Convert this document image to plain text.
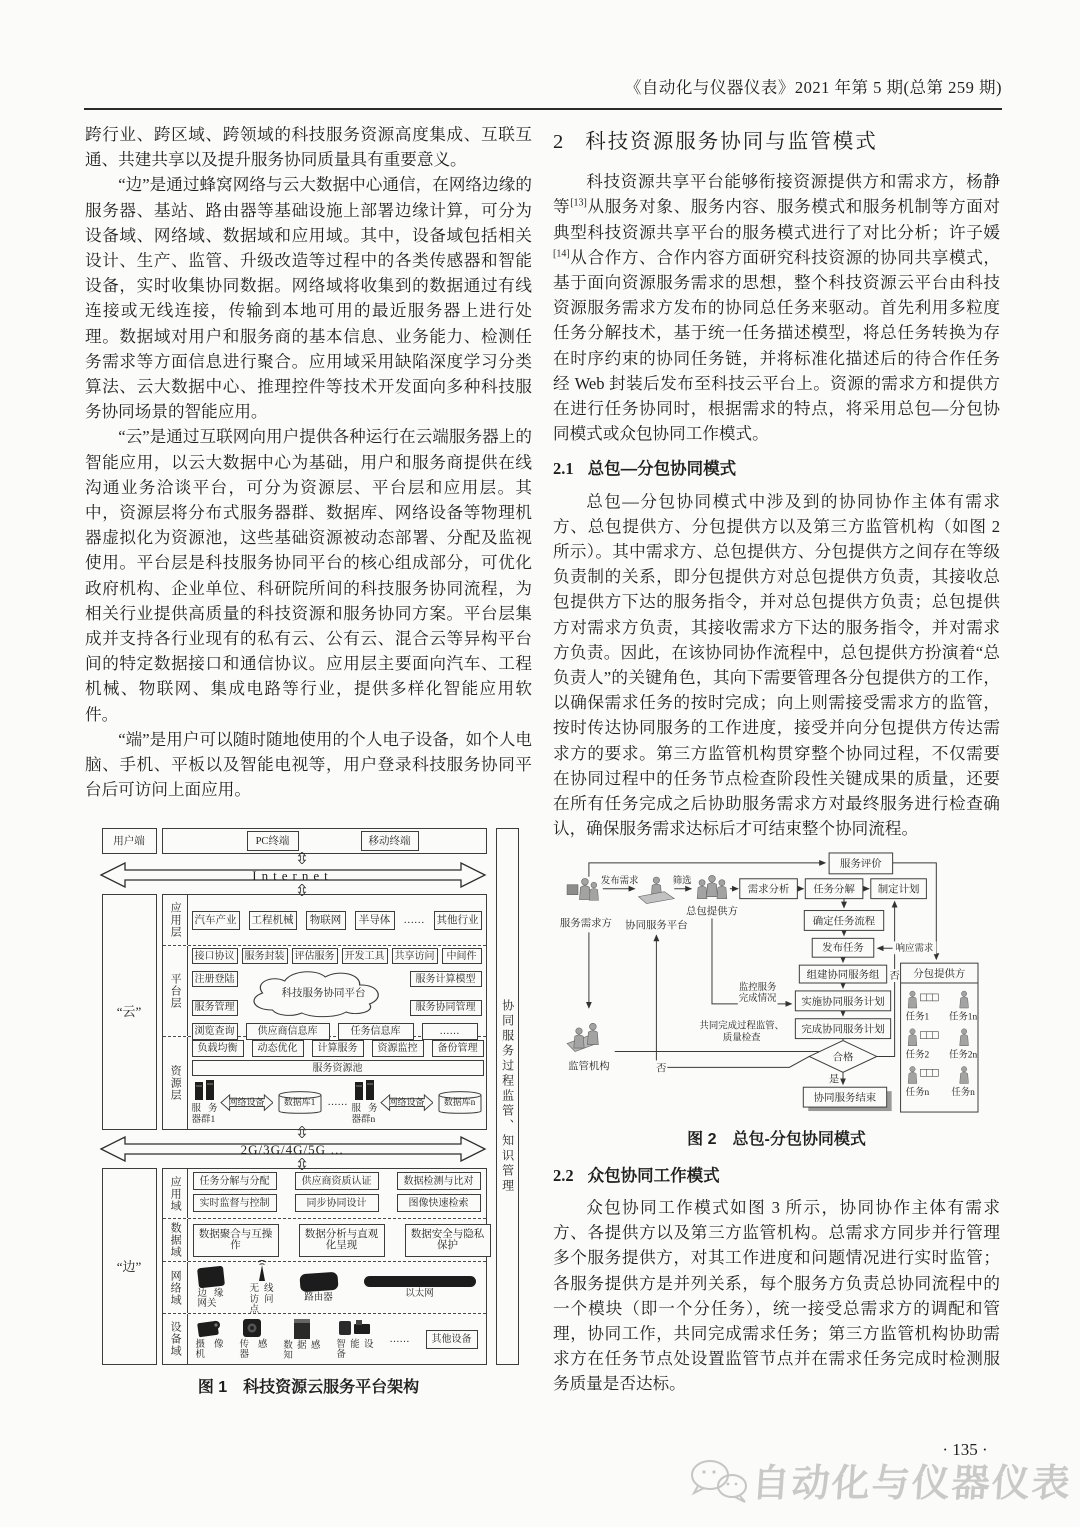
《自动化与仪器仪表》2021 年第 5 期(总第 259 期)

跨行业、跨区域、跨领域的科技服务资源高度集成、互联互通、共建共享以及提升服务协同质量具有重要意义。

“边”是通过蜂窝网络与云大数据中心通信，在网络边缘的服务器、基站、路由器等基础设施上部署边缘计算，可分为设备域、网络域、数据域和应用域。其中，设备域包括相关设计、生产、监管、升级改造等过程中的各类传感器和智能设备，实时收集协同数据。网络域将收集到的数据通过有线连接或无线连接，传输到本地可用的最近服务器上进行处理。数据域对用户和服务商的基本信息、业务能力、检测任务需求等方面信息进行聚合。应用域采用缺陷深度学习分类算法、云大数据中心、推理控件等技术开发面向多种科技服务协同场景的智能应用。

“云”是通过互联网向用户提供各种运行在云端服务器上的智能应用，以云大数据中心为基础，用户和服务商提供在线沟通业务洽谈平台，可分为资源层、平台层和应用层。其中，资源层将分布式服务器群、数据库、网络设备等物理机器虚拟化为资源池，这些基础资源被动态部署、分配及监视使用。平台层是科技服务协同平台的核心组成部分，可优化政府机构、企业单位、科研院所间的科技服务协同流程，为相关行业提供高质量的科技资源和服务协同方案。平台层集成并支持各行业现有的私有云、公有云、混合云等异构平台间的特定数据接口和通信协议。应用层主要面向汽车、工程机械、物联网、集成电路等行业，提供多样化智能应用软件。

“端”是用户可以随时随地使用的个人电子设备，如个人电脑、手机、平板以及智能电视等，用户登录科技服务协同平台后可访问上面应用。

用户端	PC终端	移动终端
Internet
“云”
应用层	汽车产业 工程机械	物联网	半导体	…… 其他行业
平台层
接口协议	服务封装	评估服务	开发工具	共享访问	中间件
注册登陆
服务管理
科技服务协同平台
服务计算模型
服务协同管理
浏览查询	供应商信息库	任务信息库	……
资源层
负载均衡	动态优化	计算服务	资源监控	备份管理
服务资源池
服务器群1
网络设备	数据库1	……
服务器群n
网络设备	数据库n
2G/3G/4G/5G …
“边”
应用域	任务分解与分配	供应商资质认证	数据检测与比对
实时监督与控制	同步协同设计	图像快速检索
数据域	数据聚合与互操作
数据分析与直观化呈现
数据安全与隐私保护
网络域	边缘网关
无线访问点
路由器	以太网
设备域	摄像机
传感器
数据感知
智能设备
……	其他设备
协同服务过程监管、知识管理

图 1 科技资源云服务平台架构

2 科技资源服务协同与监管模式

科技资源共享平台能够衔接资源提供方和需求方，杨静等[13]从服务对象、服务内容、服务模式和服务机制等方面对典型科技资源共享平台的服务模式进行了对比分析；许子媛[14]从合作方、合作内容方面研究科技资源的协同共享模式，基于面向资源服务需求的思想，整个科技资源云平台由科技资源服务需求方发布的协同总任务来驱动。首先利用多粒度任务分解技术，基于统一任务描述模型，将总任务转换为存在时序约束的协同任务链，并将标准化描述后的待合作任务经 Web 封装后发布至科技云平台上。资源的需求方和提供方在进行任务协同时，根据需求的特点，将采用总包—分包协同模式或众包协同工作模式。

2.1 总包—分包协同模式

总包—分包协同模式中涉及到的协同协作主体有需求方、总包提供方、分包提供方以及第三方监管机构（如图 2 所示）。其中需求方、总包提供方、分包提供方之间存在等级负责制的关系，即分包提供方对总包提供方负责，其接收总包提供方下达的服务指令，并对总包提供方负责；总包提供方对需求方负责，其接收需求方下达的服务指令，并对需求方负责。因此，在该协同协作流程中，总包提供方扮演着“总负责人”的关键角色，其向下需要管理各分包提供方的工作，以确保需求任务的按时完成；向上则需接受需求方的监管，按时传达协同服务的工作进度，接受并向分包提供方传达需求方的要求。第三方监管机构贯穿整个协同过程，不仅需要在协同过程中的任务节点检查阶段性关键成果的质量，还要在所有任务完成之后协助服务需求方对最终服务进行检查确认，确保服务需求达标后才可结束整个协同流程。

服务需求方 协同服务平台
总包提供方
监管机构
发布需求	筛选
响应需求
监控服务
完成情况
共同完成过程监管、
质量检查
否
否
是
服务评价
需求分析 任务分解 制定计划
确定任务流程
发布任务
组建协同服务组
实施协同服务计划
完成协同服务计划
合格
协同服务结束
分包提供方
任务1 任务1n
任务2 任务2n
任务n 任务n

图 2 总包-分包协同模式

2.2 众包协同工作模式

众包协同工作模式如图 3 所示，协同协作主体有需求方、各提供方以及第三方监管机构。总需求方同步并行管理多个服务提供方，对其工作进度和问题情况进行实时监管；各服务提供方是并列关系，每个服务方负责总协同流程中的一个模块（即一个分任务），统一接受总需求方的调配和管理，协同工作，共同完成需求任务；第三方监管机构协助需求方在任务节点处设置监管节点并在需求任务完成时检测服务质量是否达标。

· 135 ·
自动化与仪器仪表
